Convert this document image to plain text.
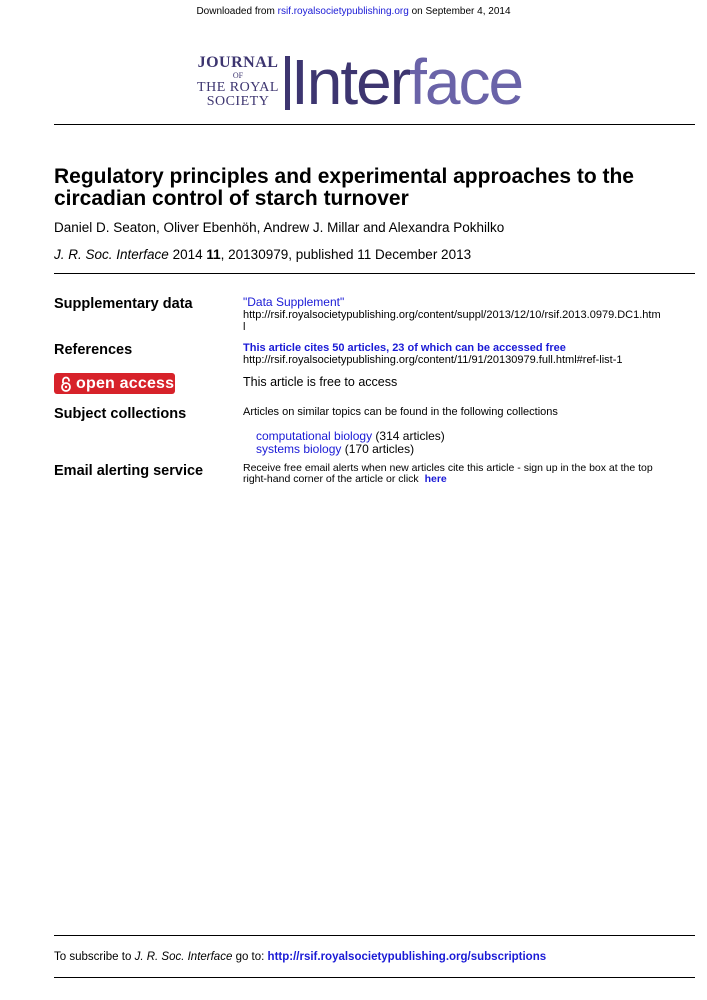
Downloaded from rsif.royalsocietypublishing.org on September 4, 2014
JOURNAL
OF
THE ROYAL
SOCIETY Interface
Regulatory principles and experimental approaches to the circadian control of starch turnover
Daniel D. Seaton, Oliver Ebenhöh, Andrew J. Millar and Alexandra Pokhilko
J. R. Soc. Interface 2014 11, 20130979, published 11 December 2013
Supplementary data	"Data Supplement"
http://rsif.royalsocietypublishing.org/content/suppl/2013/12/10/rsif.2013.0979.DC1.htm
l
References	This article cites 50 articles, 23 of which can be accessed free
http://rsif.royalsocietypublishing.org/content/11/91/20130979.full.html#ref-list-1
open access	This article is free to access
Subject collections	Articles on similar topics can be found in the following collections
computational biology (314 articles)
systems biology (170 articles)
Email alerting service	Receive free email alerts when new articles cite this article - sign up in the box at the top
right-hand corner of the article or click here
To subscribe to J. R. Soc. Interface go to: http://rsif.royalsocietypublishing.org/subscriptions
